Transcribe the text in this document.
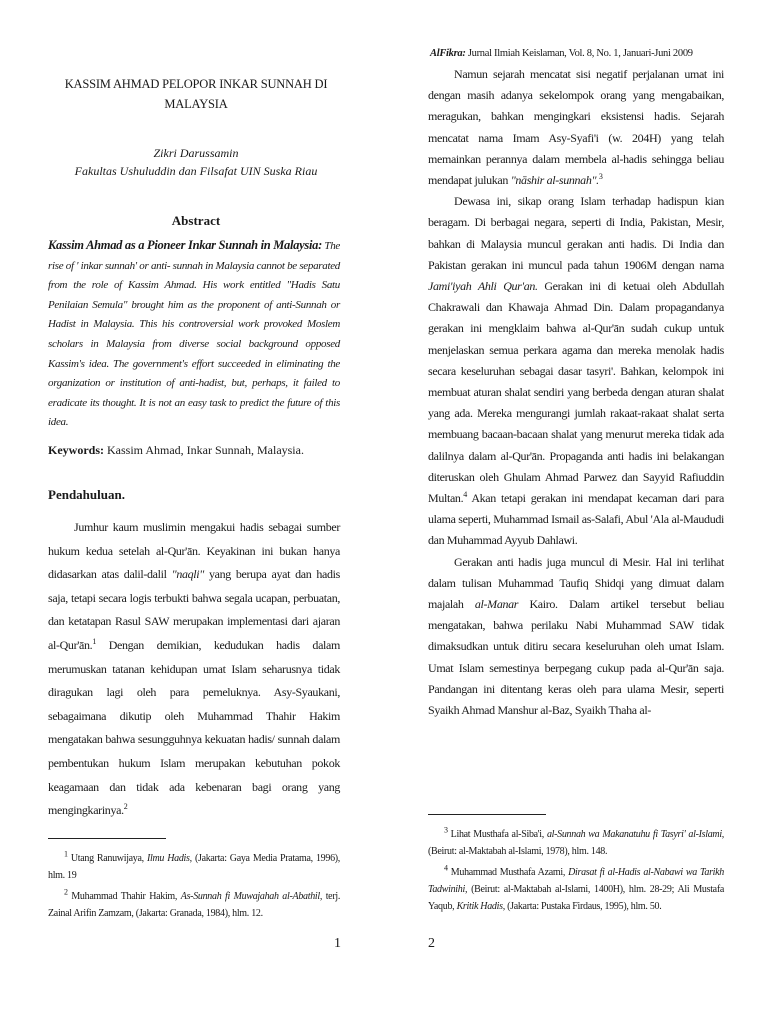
KASSIM AHMAD PELOPOR INKAR SUNNAH DI MALAYSIA
Zikri Darussamin
Fakultas Ushuluddin dan Filsafat UIN Suska Riau
Abstract
Kassim Ahmad as a Pioneer Inkar Sunnah in Malaysia: The rise of ' inkar sunnah' or anti- sunnah in Malaysia cannot be separated from the role of Kassim Ahmad. His work entitled "Hadis Satu Penilaian Semula" brought him as the proponent of anti-Sunnah or Hadist in Malaysia. This his controversial work provoked Moslem scholars in Malaysia from diverse social background opposed Kassim's idea. The government's effort succeeded in eliminating the organization or institution of anti-hadist, but, perhaps, it failed to eradicate its thought. It is not an easy task to predict the future of this idea.
Keywords: Kassim Ahmad, Inkar Sunnah, Malaysia.
Pendahuluan.

Jumhur kaum muslimin mengakui hadis sebagai sumber hukum kedua setelah al-Qur'ān. Keyakinan ini bukan hanya didasarkan atas dalil-dalil "naqli" yang berupa ayat dan hadis saja, tetapi secara logis terbukti bahwa segala ucapan, perbuatan, dan ketatapan Rasul SAW merupakan implementasi dari ajaran al-Qur'ān.$^1$ Dengan demikian, kedudukan hadis dalam merumuskan tatanan kehidupan umat Islam seharusnya tidak diragukan lagi oleh para pemeluknya. Asy-Syaukani, sebagaimana dikutip oleh Muhammad Thahir Hakim mengatakan bahwa sesungguhnya kekuatan hadis/ sunnah dalam pembentukan hukum Islam merupakan kebutuhan pokok keagamaan dan tidak ada kebenaran bagi orang yang mengingkarinya.$^2$

$^1$ Utang Ranuwijaya, Ilmu Hadis, (Jakarta: Gaya Media Pratama, 1996), hlm. 19

$^2$ Muhammad Thahir Hakim, As-Sunnah fi Muwajahah al-Abathil, terj. Zainal Arifin Zamzam, (Jakarta: Granada, 1984), hlm. 12.

1
AlFikra: Jurnal Ilmiah Keislaman, Vol. 8, No. 1, Januari-Juni 2009

Namun sejarah mencatat sisi negatif perjalanan umat ini dengan masih adanya sekelompok orang yang mengabaikan, meragukan, bahkan mengingkari eksistensi hadis. Sejarah mencatat nama Imam Asy-Syafi'i (w. 204H) yang telah memainkan perannya dalam membela al-hadis sehingga beliau mendapat julukan "nāshir al-sunnah".$^3$

Dewasa ini, sikap orang Islam terhadap hadispun kian beragam. Di berbagai negara, seperti di India, Pakistan, Mesir, bahkan di Malaysia muncul gerakan anti hadis. Di India dan Pakistan gerakan ini muncul pada tahun 1906M dengan nama Jami'iyah Ahli Qur'an. Gerakan ini di ketuai oleh Abdullah Chakrawali dan Khawaja Ahmad Din. Dalam propagandanya gerakan ini mengklaim bahwa al-Qur'ān sudah cukup untuk menjelaskan semua perkara agama dan mereka menolak hadis secara keseluruhan sebagai dasar tasyri'. Bahkan, kelompok ini membuat aturan shalat sendiri yang berbeda dengan aturan shalat yang ada. Mereka mengurangi jumlah rakaat-rakaat shalat serta membuang bacaan-bacaan shalat yang menurut mereka tidak ada dalilnya dalam al-Qur'ān. Propaganda anti hadis ini belakangan diteruskan oleh Ghulam Ahmad Parwez dan Sayyid Rafiuddin Multan.$^4$ Akan tetapi gerakan ini mendapat kecaman dari para ulama seperti, Muhammad Ismail as-Salafi, Abul 'Ala al-Maududi dan Muhammad Ayyub Dahlawi.

Gerakan anti hadis juga muncul di Mesir. Hal ini terlihat dalam tulisan Muhammad Taufiq Shidqi yang dimuat dalam majalah al-Manar Kairo. Dalam artikel tersebut beliau mengatakan, bahwa perilaku Nabi Muhammad SAW tidak dimaksudkan untuk ditiru secara keseluruhan oleh umat Islam. Umat Islam semestinya berpegang cukup pada al-Qur'ān saja. Pandangan ini ditentang keras oleh para ulama Mesir, seperti Syaikh Ahmad Manshur al-Baz, Syaikh Thaha al-

$^3$ Lihat Musthafa al-Siba'i, al-Sunnah wa Makanatuhu fi Tasyri' al-Islami, (Beirut: al-Maktabah al-Islami, 1978), hlm. 148.

$^4$ Muhammad Musthafa Azami, Dirasat fi al-Hadis al-Nabawi wa Tarikh Tadwinihi, (Beirut: al-Maktabah al-Islami, 1400H), hlm. 28-29; Ali Mustafa Yaqub, Kritik Hadis, (Jakarta: Pustaka Firdaus, 1995), hlm. 50.

2
